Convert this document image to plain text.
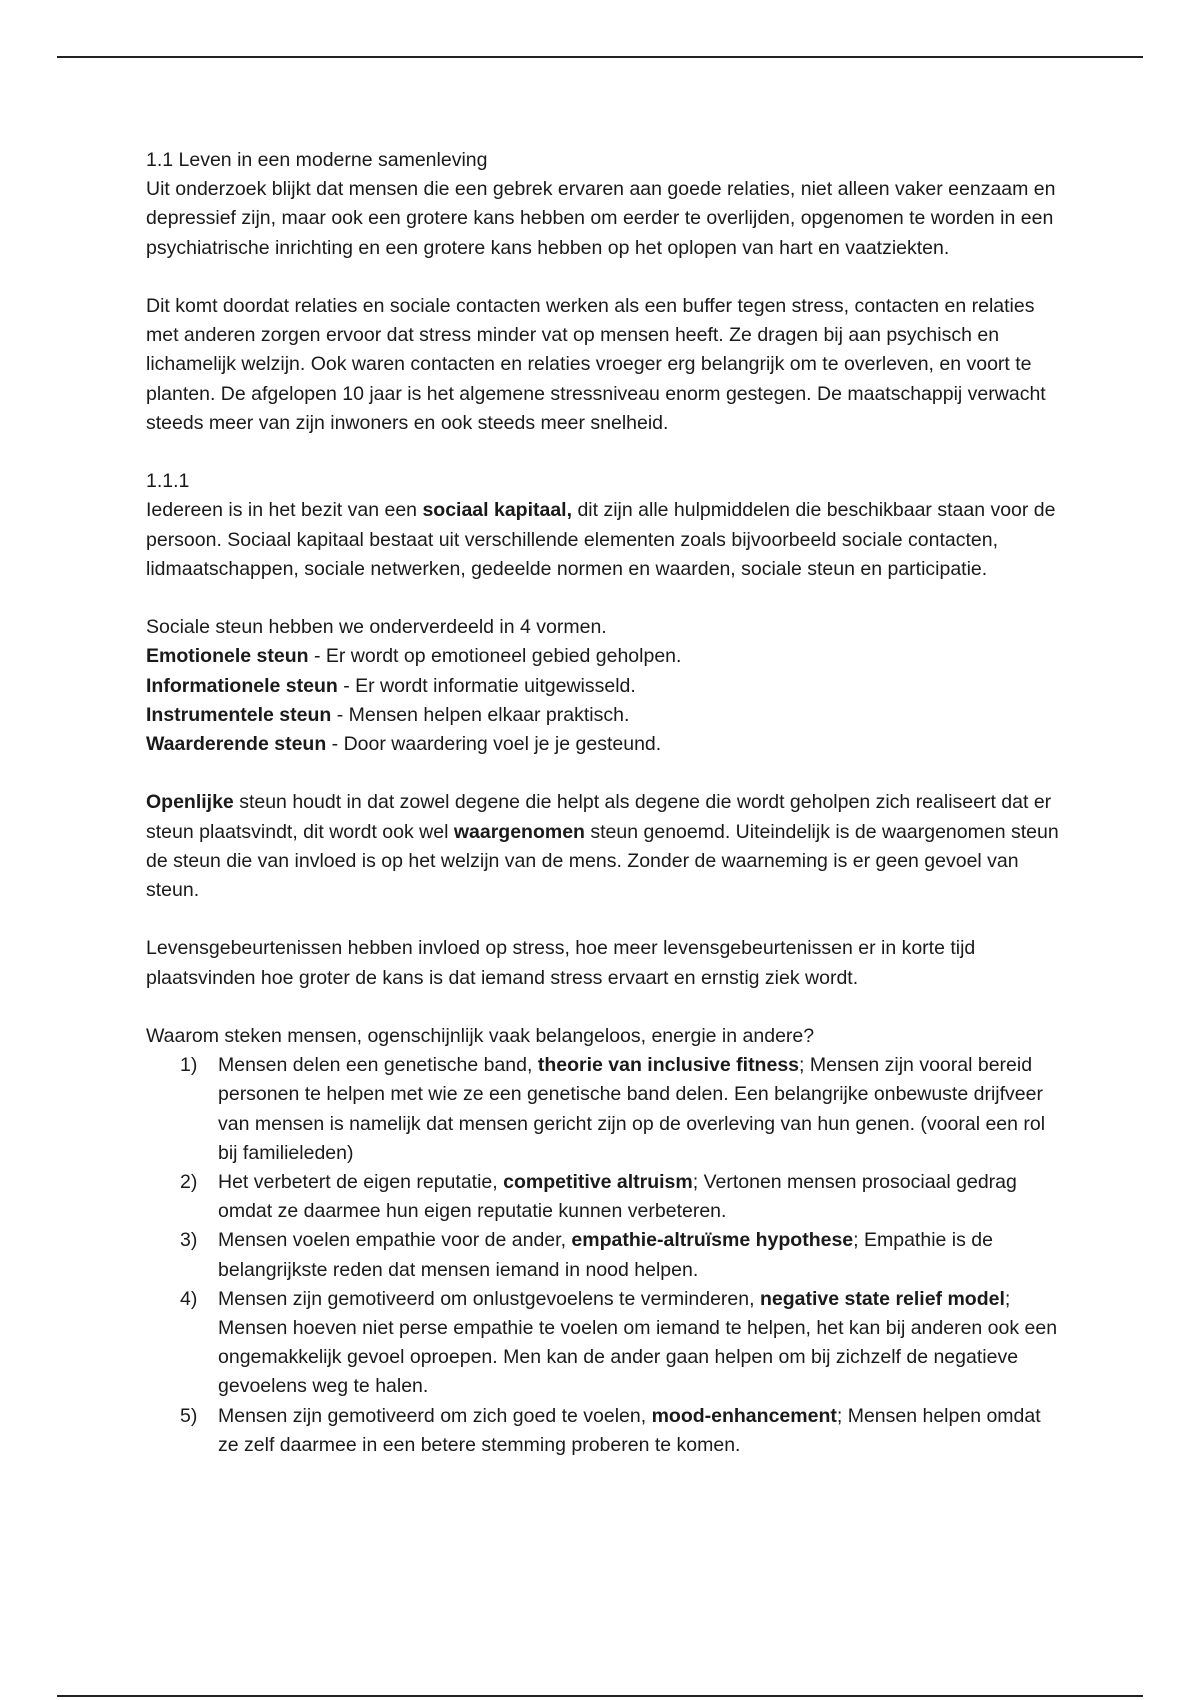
1.1 Leven in een moderne samenleving

Uit onderzoek blijkt dat mensen die een gebrek ervaren aan goede relaties, niet alleen vaker eenzaam en depressief zijn, maar ook een grotere kans hebben om eerder te overlijden, opgenomen te worden in een psychiatrische inrichting en een grotere kans hebben op het oplopen van hart en vaatziekten.

Dit komt doordat relaties en sociale contacten werken als een buffer tegen stress, contacten en relaties met anderen zorgen ervoor dat stress minder vat op mensen heeft. Ze dragen bij aan psychisch en lichamelijk welzijn. Ook waren contacten en relaties vroeger erg belangrijk om te overleven, en voort te planten. De afgelopen 10 jaar is het algemene stressniveau enorm gestegen. De maatschappij verwacht steeds meer van zijn inwoners en ook steeds meer snelheid.

1.1.1

Iedereen is in het bezit van een sociaal kapitaal, dit zijn alle hulpmiddelen die beschikbaar staan voor de persoon. Sociaal kapitaal bestaat uit verschillende elementen zoals bijvoorbeeld sociale contacten, lidmaatschappen, sociale netwerken, gedeelde normen en waarden, sociale steun en participatie.

Sociale steun hebben we onderverdeeld in 4 vormen.

Emotionele steun - Er wordt op emotioneel gebied geholpen.

Informationele steun - Er wordt informatie uitgewisseld.

Instrumentele steun - Mensen helpen elkaar praktisch.

Waarderende steun - Door waardering voel je je gesteund.

Openlijke steun houdt in dat zowel degene die helpt als degene die wordt geholpen zich realiseert dat er steun plaatsvindt, dit wordt ook wel waargenomen steun genoemd. Uiteindelijk is de waargenomen steun de steun die van invloed is op het welzijn van de mens. Zonder de waarneming is er geen gevoel van steun.

Levensgebeurtenissen hebben invloed op stress, hoe meer levensgebeurtenissen er in korte tijd plaatsvinden hoe groter de kans is dat iemand stress ervaart en ernstig ziek wordt.

Waarom steken mensen, ogenschijnlijk vaak belangeloos, energie in andere?

1) Mensen delen een genetische band, theorie van inclusive fitness; Mensen zijn vooral bereid personen te helpen met wie ze een genetische band delen. Een belangrijke onbewuste drijfveer van mensen is namelijk dat mensen gericht zijn op de overleving van hun genen. (vooral een rol bij familieleden)
2) Het verbetert de eigen reputatie, competitive altruism; Vertonen mensen prosociaal gedrag omdat ze daarmee hun eigen reputatie kunnen verbeteren.
3) Mensen voelen empathie voor de ander, empathie-altruïsme hypothese; Empathie is de belangrijkste reden dat mensen iemand in nood helpen.
4) Mensen zijn gemotiveerd om onlustgevoelens te verminderen, negative state relief model; Mensen hoeven niet perse empathie te voelen om iemand te helpen, het kan bij anderen ook een ongemakkelijk gevoel oproepen. Men kan de ander gaan helpen om bij zichzelf de negatieve gevoelens weg te halen.
5) Mensen zijn gemotiveerd om zich goed te voelen, mood-enhancement; Mensen helpen omdat ze zelf daarmee in een betere stemming proberen te komen.
